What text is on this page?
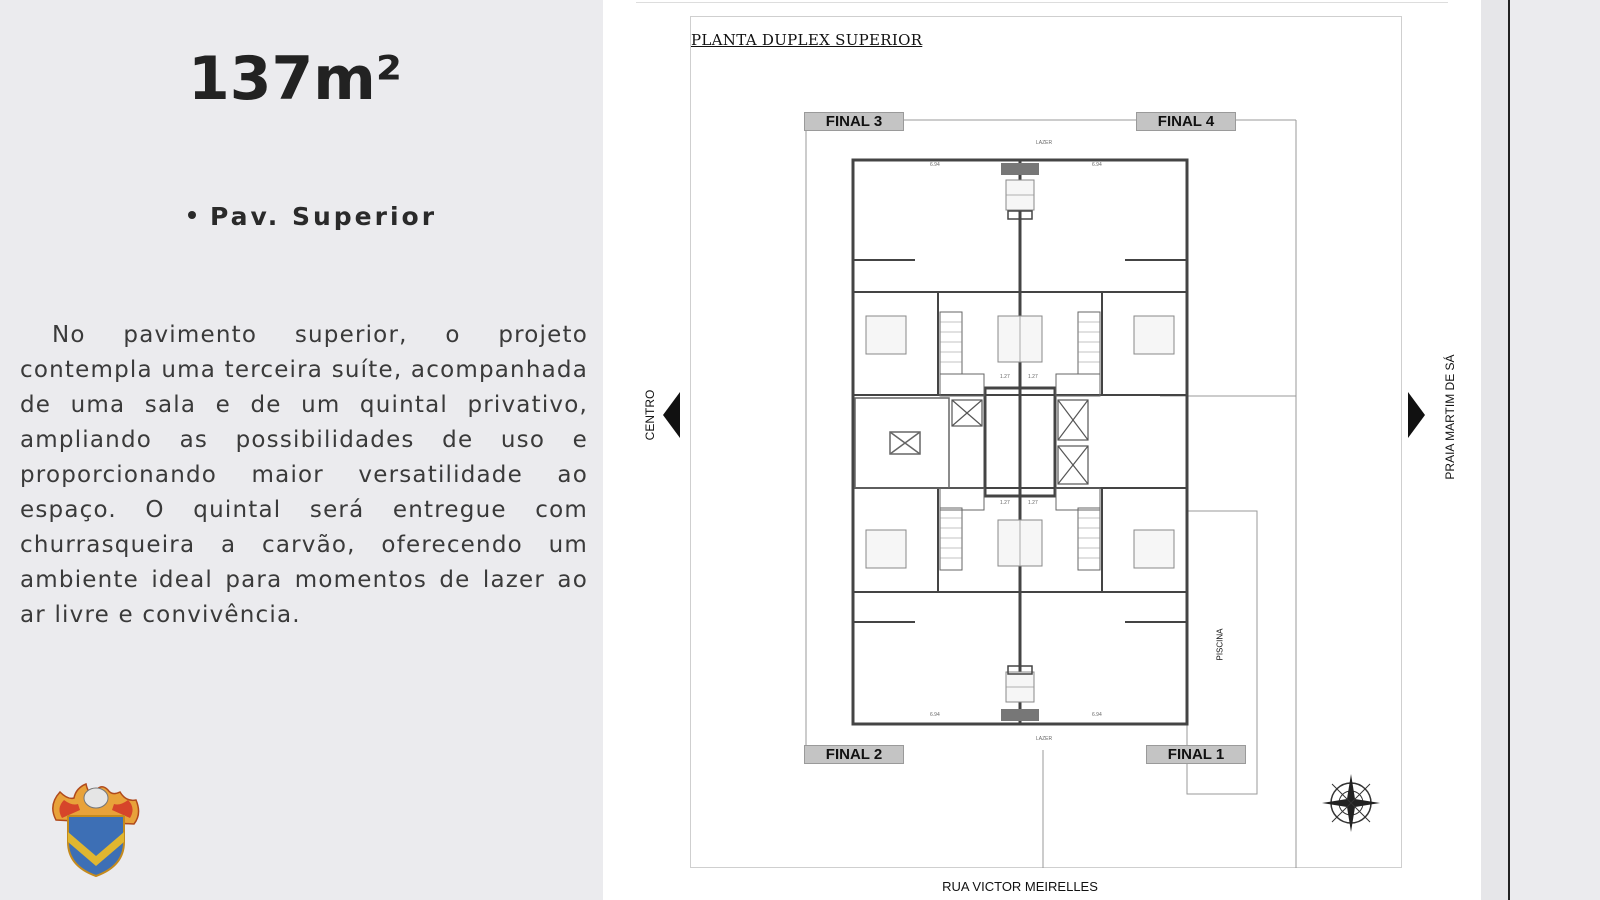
137m²
Pav. Superior
No pavimento superior, o projeto contempla uma terceira suíte, acompanhada de uma sala e de um quintal privativo, ampliando as possibilidades de uso e proporcionando maior versatilidade ao espaço. O quintal será entregue com churrasqueira a carvão, oferecendo um ambiente ideal para momentos de lazer ao ar livre e convivência.
PLANTA DUPLEX SUPERIOR
6.94	6.94
6.94	6.94
1.27	1.27
1.27	1.27
LAZER
LAZER
FINAL 3	FINAL 4
FINAL 2	FINAL 1
PISCINA
CENTRO	PRAIA MARTIM DE SÁ
RUA VICTOR MEIRELLES
